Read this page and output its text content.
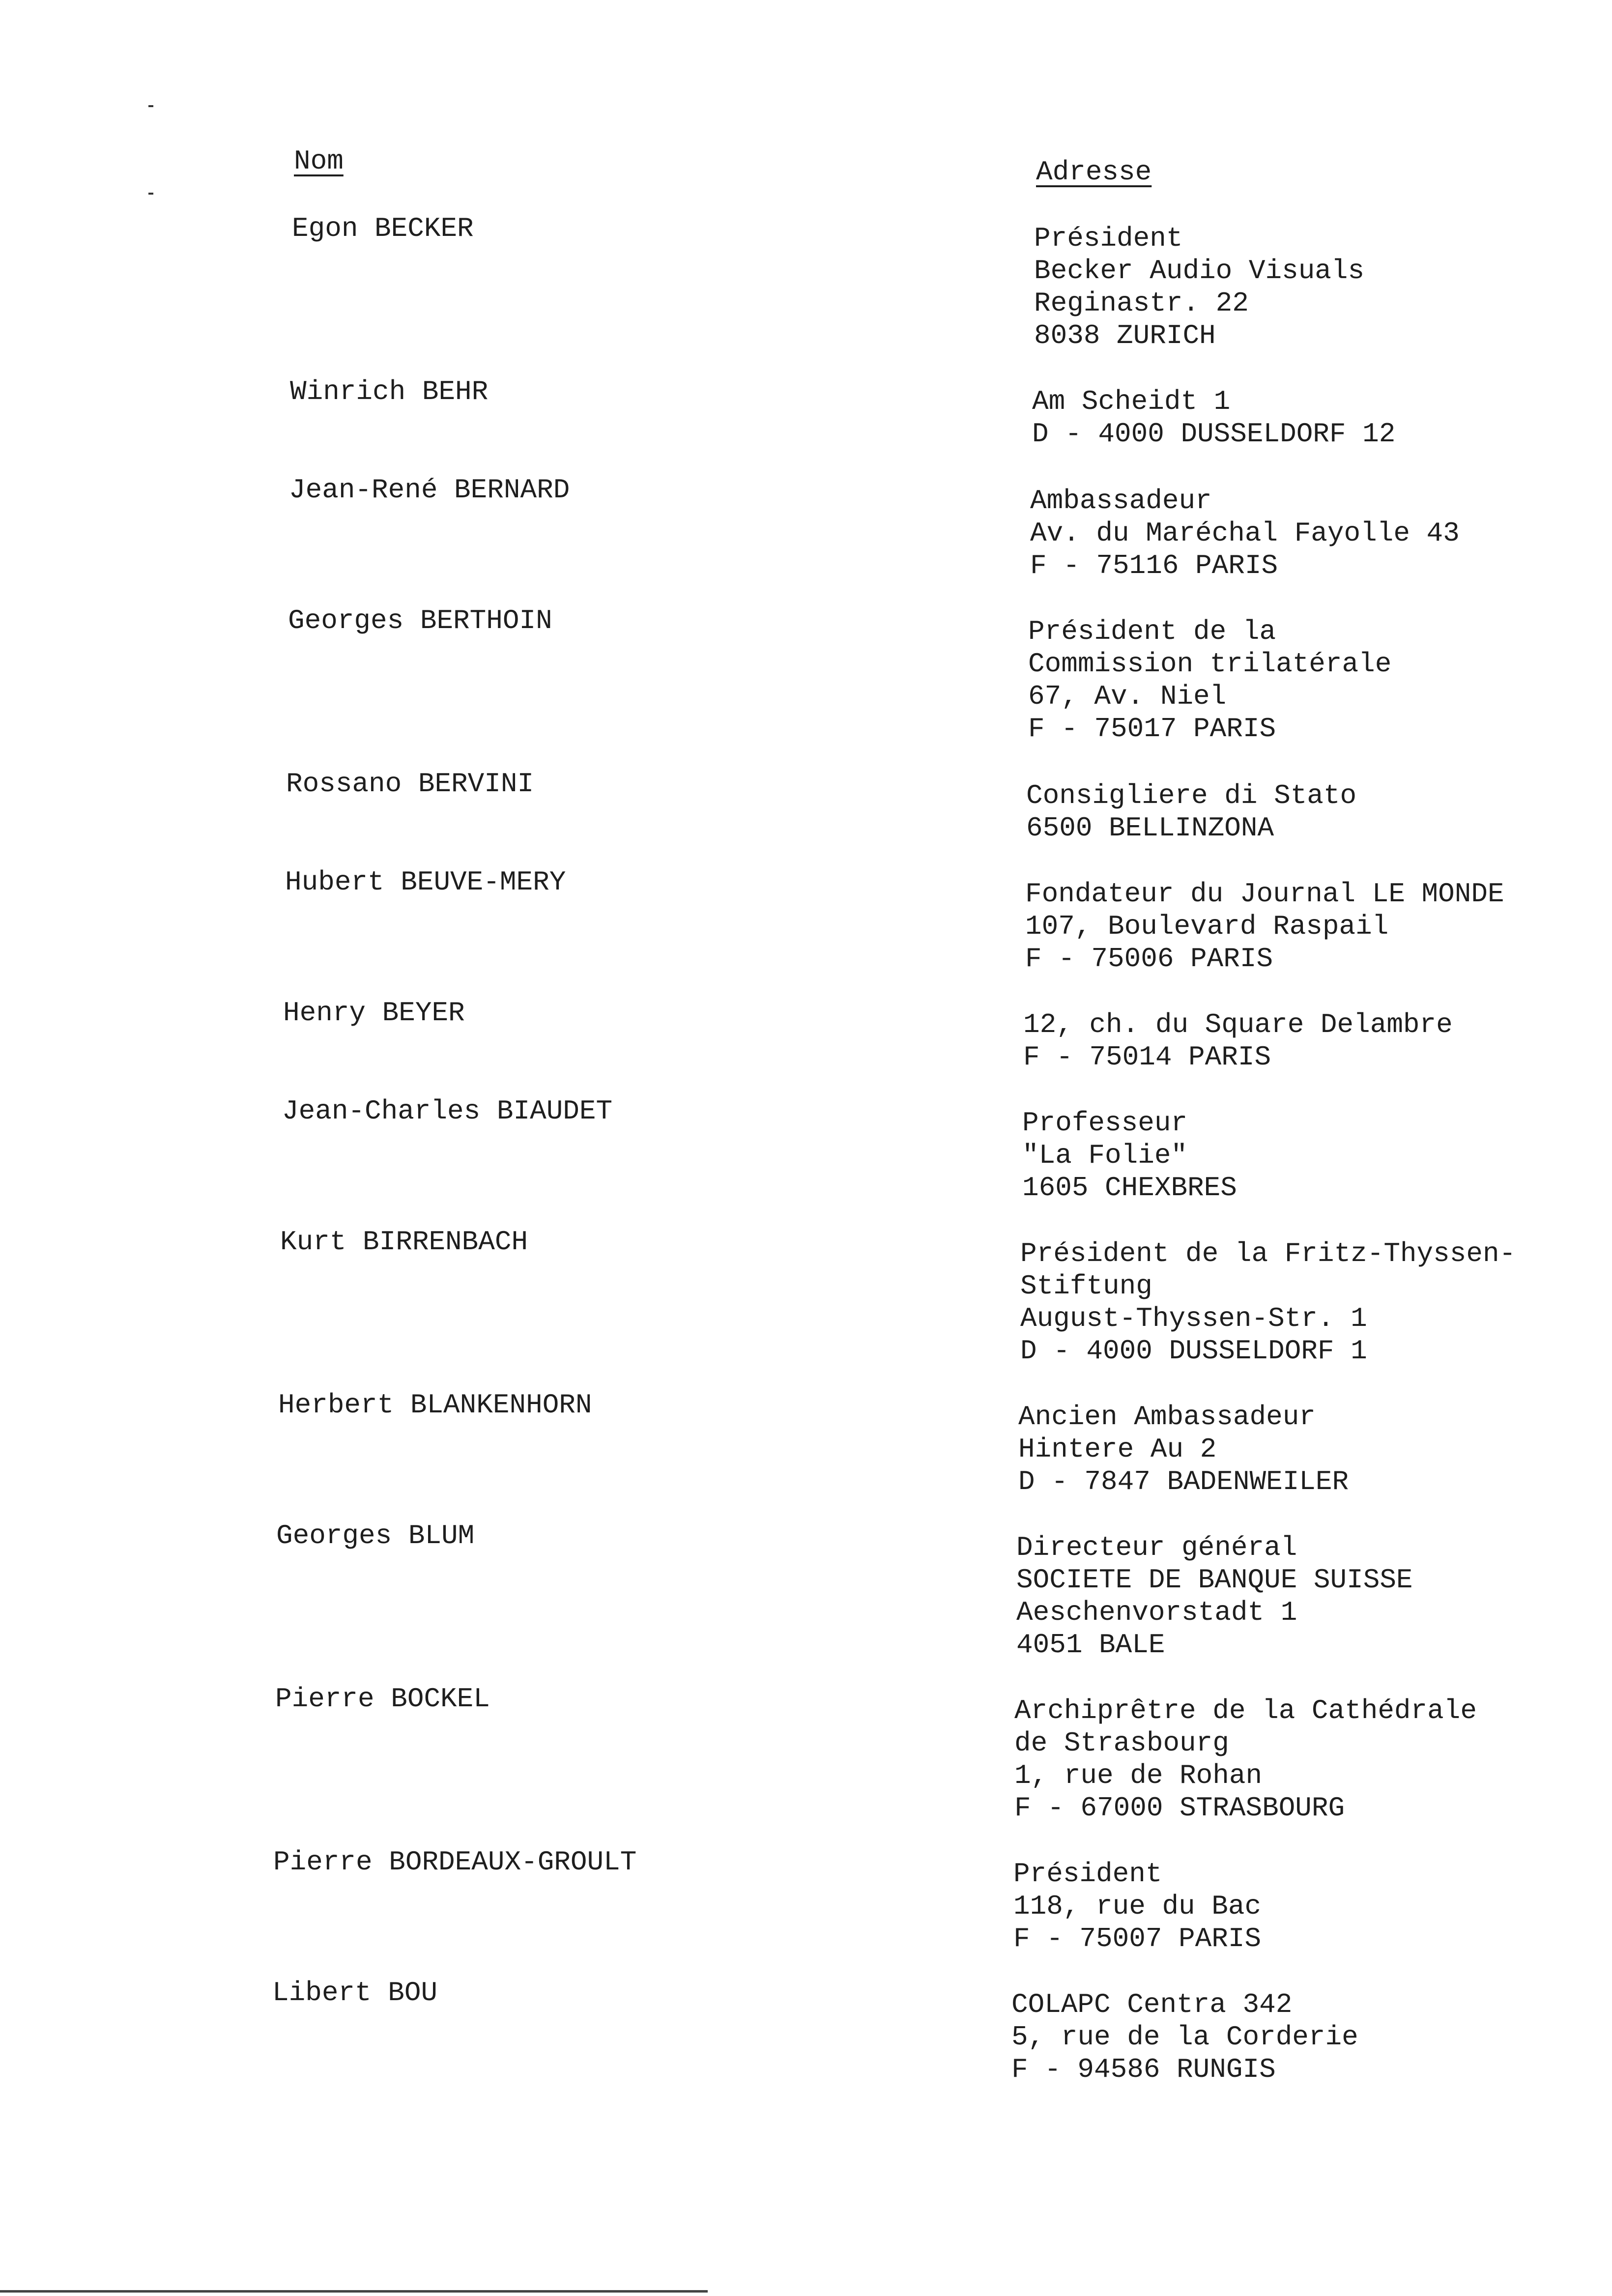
Nom	Adresse
Egon BECKER	Président
Becker Audio Visuals
Reginastr. 22
8038 ZURICH
Winrich BEHR	Am Scheidt 1
D - 4000 DUSSELDORF 12
Jean-René BERNARD	Ambassadeur
Av. du Maréchal Fayolle 43
F - 75116 PARIS
Georges BERTHOIN	Président de la
Commission trilatérale
67, Av. Niel
F - 75017 PARIS
Rossano BERVINI	Consigliere di Stato
6500 BELLINZONA
Hubert BEUVE-MERY	Fondateur du Journal LE MONDE
107, Boulevard Raspail
F - 75006 PARIS
Henry BEYER	12, ch. du Square Delambre
F - 75014 PARIS
Jean-Charles BIAUDET	Professeur
"La Folie"
1605 CHEXBRES
Kurt BIRRENBACH	Président de la Fritz-Thyssen-
Stiftung
August-Thyssen-Str. 1
D - 4000 DUSSELDORF 1
Herbert BLANKENHORN	Ancien Ambassadeur
Hintere Au 2
D - 7847 BADENWEILER
Georges BLUM	Directeur général
SOCIETE DE BANQUE SUISSE
Aeschenvorstadt 1
4051 BALE
Pierre BOCKEL	Archiprêtre de la Cathédrale
de Strasbourg
1, rue de Rohan
F - 67000 STRASBOURG
Pierre BORDEAUX-GROULT	Président
118, rue du Bac
F - 75007 PARIS
Libert BOU	COLAPC Centra 342
5, rue de la Corderie
F - 94586 RUNGIS
